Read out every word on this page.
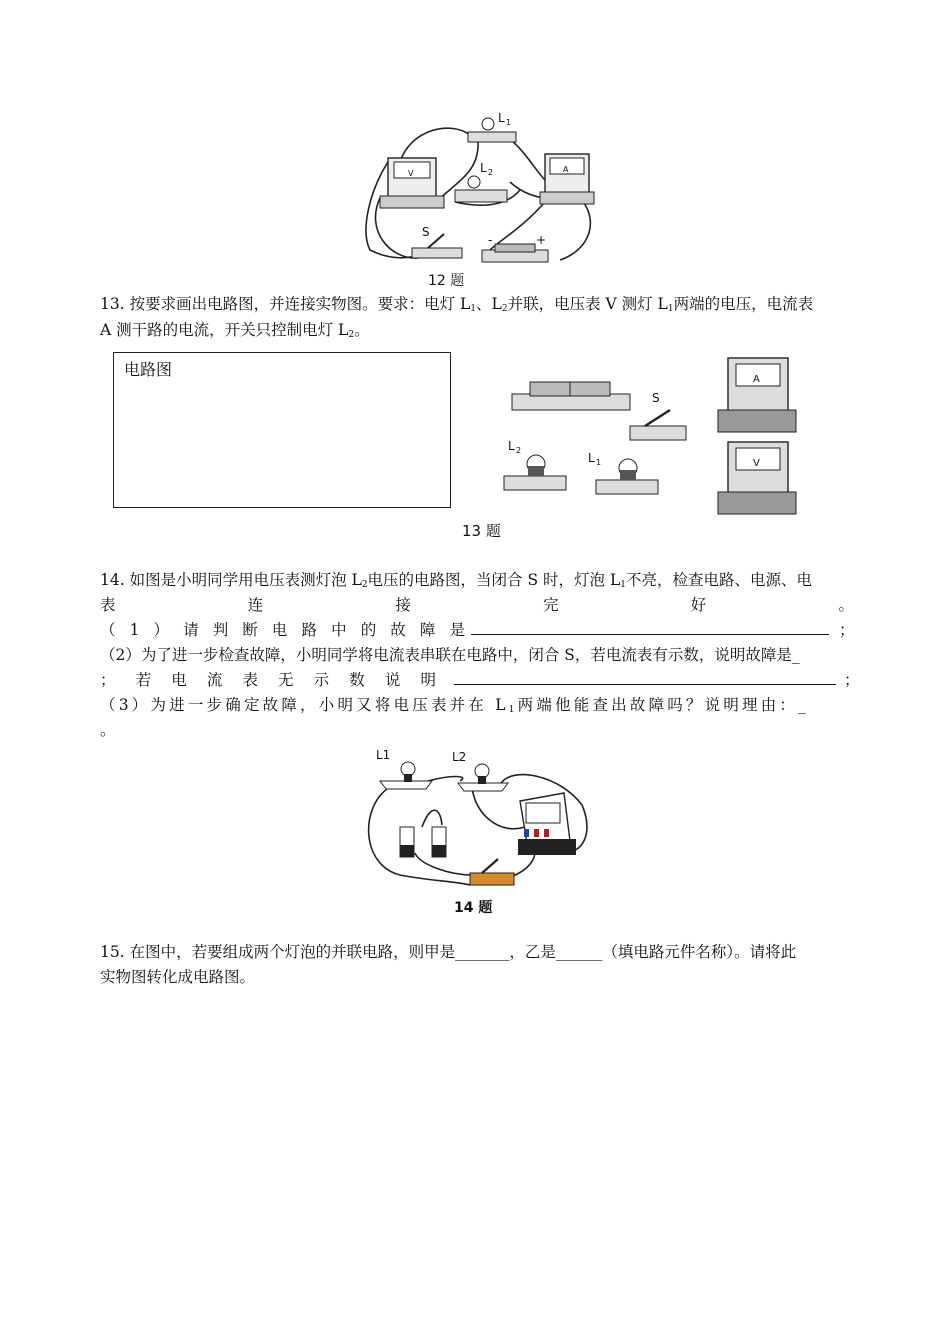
V
L 1
L 2	A
S
-	+
12 题
13. 按要求画出电路图，并连接实物图。要求：电灯 $L_1$、$L_2$并联，电压表 V 测灯 $L_1$两端的电压，电流表
A 测干路的电流，开关只控制电灯 $L_2$。
电路图
S
A
V
L 2
L 1
13 题
14. 如图是小明同学用电压表测灯泡 $L_2$电压的电路图，当闭合 S 时，灯泡 $L_1$不亮，检查电路、电源、电
表	连	接	完	好	。
（ 1 ） 请 判 断 电 路 中 的 故 障 是	；
（2）为了进一步检查故障，小明同学将电流表串联在电路中，闭合 S，若电流表有示数，说明故障是_
； 若 电 流 表 无 示 数 说 明	；
（3）为进一步确定故障，小明又将电压表并在 $L_1$两端他能查出故障吗？说明理由：_
。
L1	L2
14 题
15. 在图中，若要组成两个灯泡的并联电路，则甲是_______，乙是______（填电路元件名称）。请将此
实物图转化成电路图。
